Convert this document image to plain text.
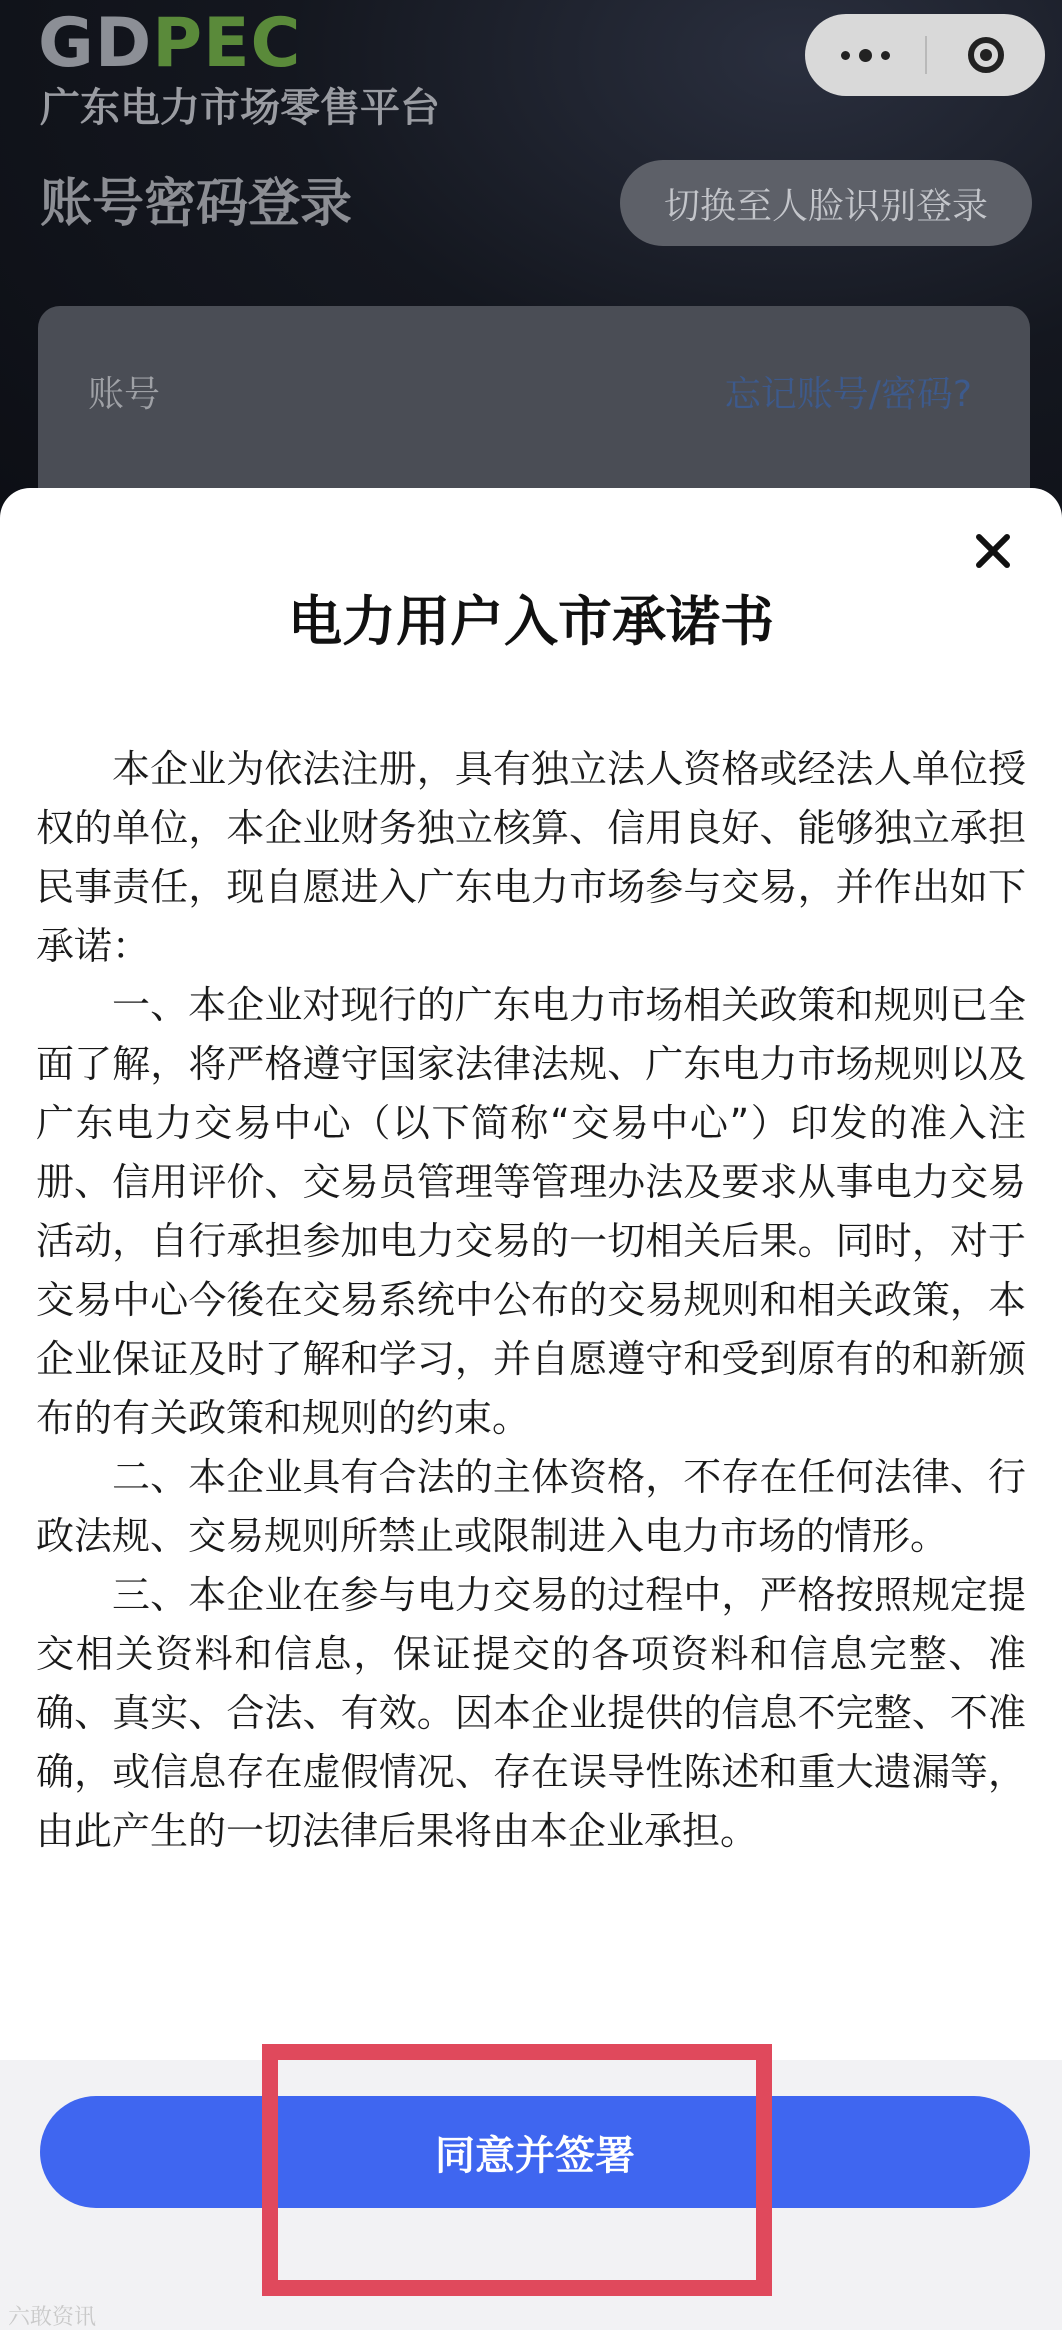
GDPEC
广东电力市场零售平台
账号密码登录	切换至人脸识别登录
账号	忘记账号/密码?
电力用户入市承诺书

本企业为依法注册，具有独立法人资格或经法人单位授权的单位，本企业财务独立核算、信用良好、能够独立承担民事责任，现自愿进入广东电力市场参与交易，并作出如下承诺：

一、本企业对现行的广东电力市场相关政策和规则已全面了解，将严格遵守国家法律法规、广东电力市场规则以及广东电力交易中心（以下简称“交易中心”）印发的准入注册、信用评价、交易员管理等管理办法及要求从事电力交易活动，自行承担参加电力交易的一切相关后果。同时，对于交易中心今後在交易系统中公布的交易规则和相关政策，本企业保证及时了解和学习，并自愿遵守和受到原有的和新颁布的有关政策和规则的约束。

二、本企业具有合法的主体资格，不存在任何法律、行政法规、交易规则所禁止或限制进入电力市场的情形。

三、本企业在参与电力交易的过程中，严格按照规定提交相关资料和信息，保证提交的各项资料和信息完整、准确、真实、合法、有效。因本企业提供的信息不完整、不准确，或信息存在虚假情况、存在误导性陈述和重大遗漏等，由此产生的一切法律后果将由本企业承担。

同意并签署
六敢资讯
